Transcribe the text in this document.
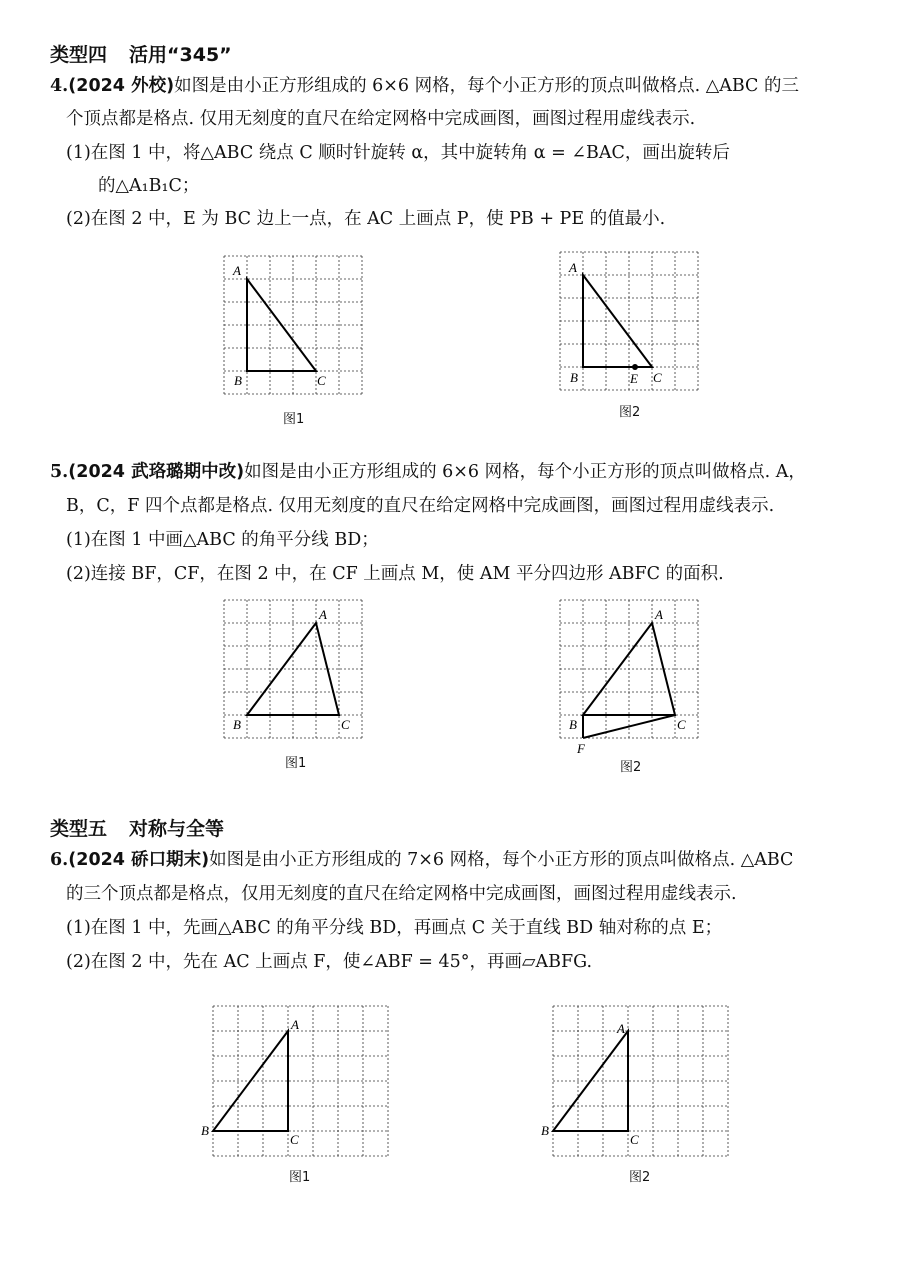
类型四 活用“345”
4.(2024 外校)如图是由小正方形组成的 6×6 网格，每个小正方形的顶点叫做格点. △ABC 的三
个顶点都是格点. 仅用无刻度的直尺在给定网格中完成画图，画图过程用虚线表示.
(1)在图 1 中，将△ABC 绕点 C 顺时针旋转 α，其中旋转角 α = ∠BAC，画出旋转后
的△A₁B₁C；
(2)在图 2 中，E 为 BC 边上一点，在 AC 上画点 P，使 PB + PE 的值最小.
A
B	C
图1
A
B	E C
图2
5.(2024 武珞璐期中改)如图是由小正方形组成的 6×6 网格，每个小正方形的顶点叫做格点. A，
B，C，F 四个点都是格点. 仅用无刻度的直尺在给定网格中完成画图，画图过程用虚线表示.
(1)在图 1 中画△ABC 的角平分线 BD；
(2)连接 BF，CF，在图 2 中，在 CF 上画点 M，使 AM 平分四边形 ABFC 的面积.
A
B	C
图1
A
B	C
F
图2
类型五 对称与全等
6.(2024 硚口期末)如图是由小正方形组成的 7×6 网格，每个小正方形的顶点叫做格点. △ABC
的三个顶点都是格点，仅用无刻度的直尺在给定网格中完成画图，画图过程用虚线表示.
(1)在图 1 中，先画△ABC 的角平分线 BD，再画点 C 关于直线 BD 轴对称的点 E；
(2)在图 2 中，先在 AC 上画点 F，使∠ABF = 45°，再画▱ABFG.
A
B
C
图1
A
B
C
图2
